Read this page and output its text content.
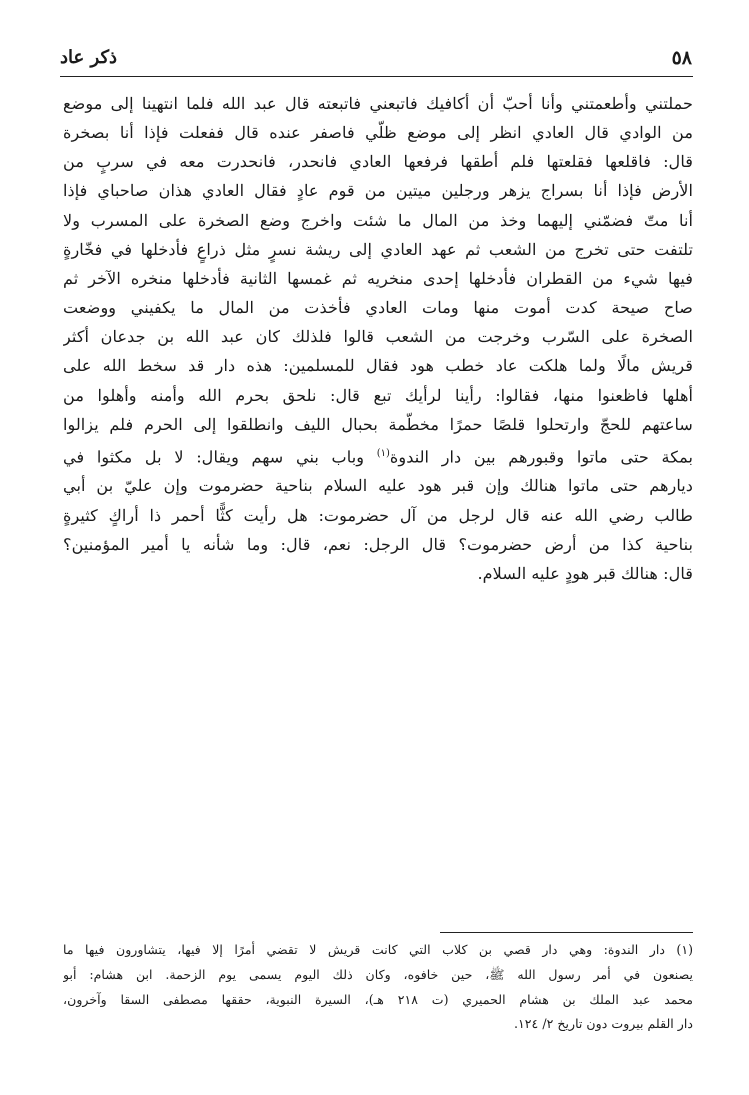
٥٨
ذكر عاد
حملتني وأطعمتني وأنا أحبّ أن أكافيك فاتبعني فاتبعته قال عبد الله فلما انتهينا إلى موضع
من الوادي قال العادي انظر إلى موضع ظلّي فاصفر عنده قال ففعلت فإذا أنا بصخرة
قال: فاقلعها فقلعتها فلم أطقها فرفعها العادي فانحدر، فانحدرت معه في سربٍ من
الأرض فإذا أنا بسراج يزهر ورجلين ميتين من قوم عادٍ فقال العادي هذان صاحباي فإذا
أنا متّ فضمّني إليهما وخذ من المال ما شئت واخرج وضع الصخرة على المسرب ولا
تلتفت حتى تخرج من الشعب ثم عهد العادي إلى ريشة نسرٍ مثل ذراعٍ فأدخلها في فخّارةٍ
فيها شيء من القطران فأدخلها إحدى منخريه ثم غمسها الثانية فأدخلها منخره الآخر ثم
صاح صيحة كدت أموت منها ومات العادي فأخذت من المال ما يكفيني ووضعت
الصخرة على السّرب وخرجت من الشعب قالوا فلذلك كان عبد الله بن جدعان أكثر
قريش مالًا ولما هلكت عاد خطب هود فقال للمسلمين: هذه دار قد سخط الله على
أهلها فاظعنوا منها، فقالوا: رأينا لرأيك تبع قال: نلحق بحرم الله وأمنه وأهلوا من
ساعتهم للحجّ وارتحلوا قلصًا حمرًا مخطّمة بحبال الليف وانطلقوا إلى الحرم فلم يزالوا
بمكة حتى ماتوا وقبورهم بين دار الندوة$^{(١)}$ وباب بني سهم ويقال: لا بل مكثوا في
ديارهم حتى ماتوا هنالك وإن قبر هود عليه السلام بناحية حضرموت وإن عليّ بن أبي
طالب رضي الله عنه قال لرجل من آل حضرموت: هل رأيت كثًّا أحمر ذا أراكٍ كثيرةٍ
بناحية كذا من أرض حضرموت؟ قال الرجل: نعم، قال: وما شأنه يا أمير المؤمنين؟
قال: هنالك قبر هودٍ عليه السلام.
(١) دار الندوة: وهي دار قصي بن كلاب التي كانت قريش لا تقضي أمرًا إلا فيها، يتشاورون فيها ما
يصنعون في أمر رسول الله ﷺ، حين خافوه، وكان ذلك اليوم يسمى يوم الزحمة. ابن هشام: أبو
محمد عبد الملك بن هشام الحميري (ت ٢١٨ هـ)، السيرة النبوية، حققها مصطفى السقا وآخرون،
دار القلم بيروت دون تاريخ ٢/ ١٢٤.
